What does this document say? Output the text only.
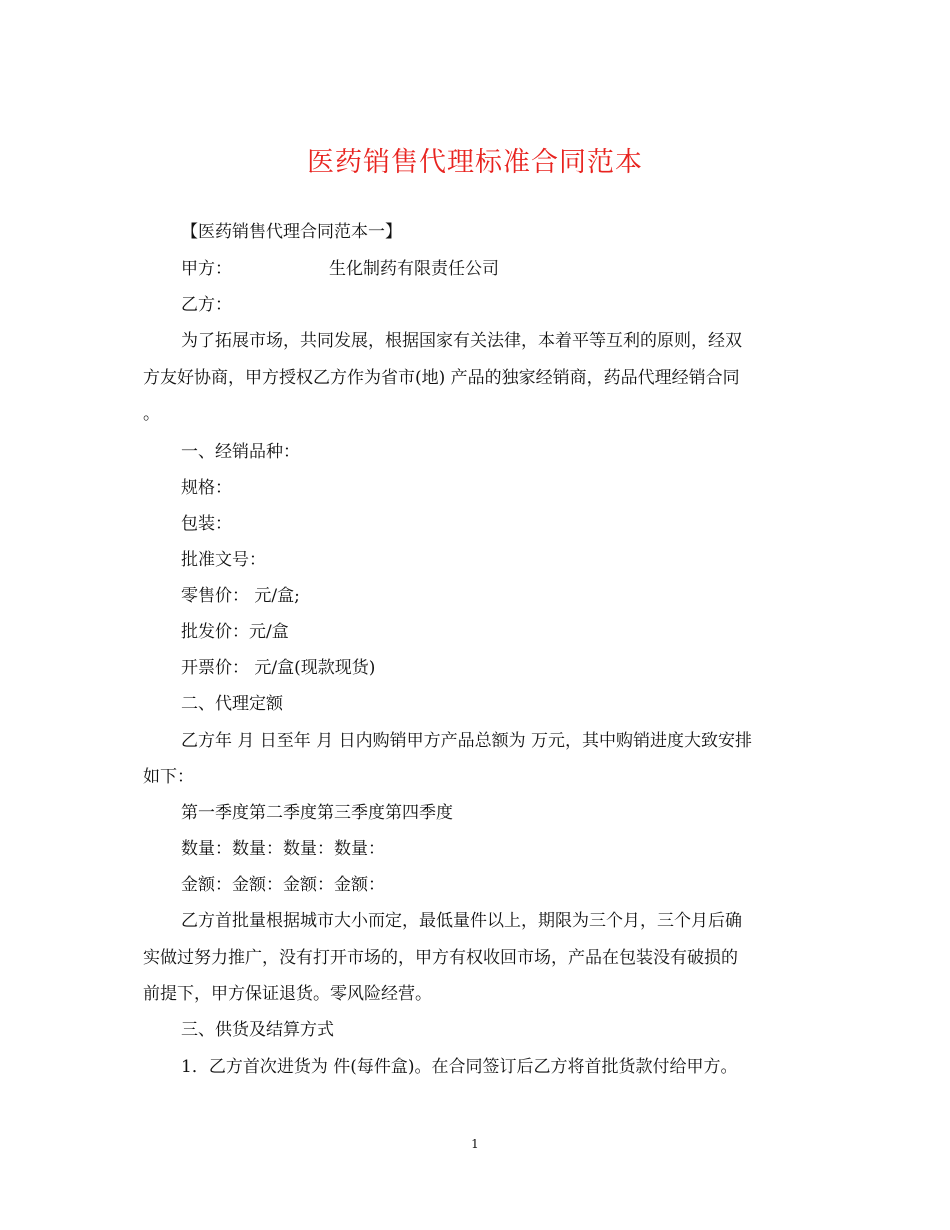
医药销售代理标准合同范本
【医药销售代理合同范本一】
甲方：	生化制药有限责任公司
乙方：
为了拓展市场，共同发展，根据国家有关法律，本着平等互利的原则，经双
方友好协商，甲方授权乙方作为省市(地) 产品的独家经销商，药品代理经销合同
。
一、经销品种：
规格：
包装：
批准文号：
零售价： 元/盒;
批发价：元/盒
开票价： 元/盒(现款现货)
二、代理定额
乙方年 月 日至年 月 日内购销甲方产品总额为 万元，其中购销进度大致安排
如下：
第一季度第二季度第三季度第四季度
数量：数量：数量：数量：
金额：金额：金额：金额：
乙方首批量根据城市大小而定，最低量件以上，期限为三个月，三个月后确
实做过努力推广，没有打开市场的，甲方有权收回市场，产品在包装没有破损的
前提下，甲方保证退货。零风险经营。
三、供货及结算方式
1．乙方首次进货为 件(每件盒)。在合同签订后乙方将首批货款付给甲方。
1
